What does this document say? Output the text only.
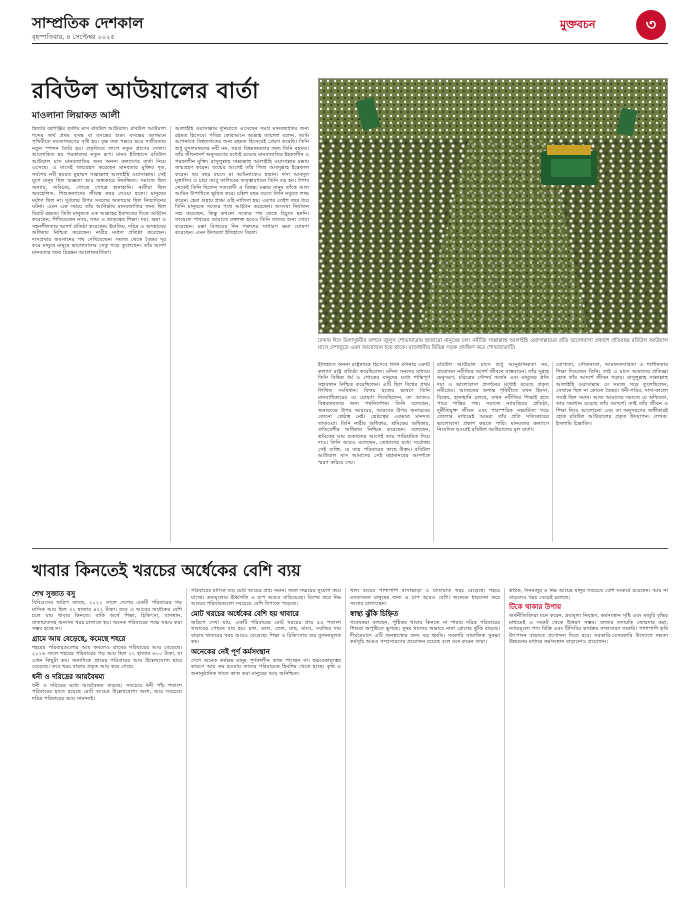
সাম্প্রতিক দেশকাল
বৃহস্পতিবার, ৪ সেপ্টেম্বর ২০২৫
মুক্তবচন	৩
রবিউল আউয়ালের বার্তা
মাওলানা লিয়াকত আলী

হিজরি বর্ষপঞ্জির তৃতীয় মাস রবিউল আউয়াল। রবিউল আউয়াল শব্দের অর্থ প্রথম বসন্ত বা বসন্তের শুরু। বসন্তের আগমনে পৃথিবীতে নবজাগরণের সৃষ্টি হয়। বৃক্ষ তরু পল্লবে ভরে সজীবতার নতুন স্পন্দন তৈরি হয়। প্রকৃতিতে লাগে নতুন প্রাণের দোলা। আলোকিত হয় পরকালের নতুন রূপ। মানব ইতিহাসে রবিউল আউয়াল মাস মানবজাতির জন্য অনন্য কল্যাণের বার্তা নিয়ে এসেছে। এ মাসেই জন্মগ্রহণ করেছেন মানবতার মুক্তির দূত, সর্বশেষ নবী হযরত মুহাম্মদ সাল্লাল্লাহু আলাইহি ওয়াসাল্লাম। সেই যুগে মানুষ ছিল অজ্ঞতা আর অন্ধকারে নিমজ্জিত। সমাজে ছিল অন্যায়, অবিচার, গোত্রে গোত্রে হানাহানি। নারীরা ছিল অবহেলিত, শিশুকন্যাদের জীবন্ত কবর দেওয়া হতো। মানুষের মর্যাদা ছিল না। দুর্বলের উপর সবলের অত্যাচার ছিল নিত্যদিনের ঘটনা। এমন এক সময়ে তাঁর আবির্ভাব মানবজাতির জন্য ছিল বিরাট রহমত। তিনি মানুষকে এক আল্লাহর ইবাদতের দিকে আহ্বান করেছেন, শিখিয়েছেন ন্যায়, সাম্য ও ভ্রাতৃত্বের শিক্ষা। দয়া, ক্ষমা ও সহনশীলতার আদর্শ প্রতিষ্ঠা করেছেন। ইয়াতিম, দরিদ্র ও অসহায়ের অধিকার নিশ্চিত করেছেন। নারীর মর্যাদা প্রতিষ্ঠা করেছেন। দাসপ্রথার অবসানের পথ দেখিয়েছেন। সমাজ থেকে বৈষম্য দূর করে মানুষে মানুষে ভালোবাসার সেতু গড়ে তুলেছেন। তাঁর আদর্শ মানবতার জন্য চিরন্তন আলোকবর্তিকা।

আলাইহি ওয়াসাল্লাম দুনিয়াতে এসেছেন সমগ্র মানবজাতির জন্য রহমত হিসেবে। পবিত্র কোরআনে আল্লাহ তায়ালা বলেন, আমি আপনাকে বিশ্বজগতের জন্য রহমত হিসেবেই প্রেরণ করেছি। তিনি শুধু মুসলমানদের নবী নন, সমগ্র বিশ্বমানবতার জন্য তিনি রহমত। তাঁর জীবনাদর্শ অনুসরণের মধ্যেই রয়েছে মানবজাতির ইহকালীন ও পরকালীন মুক্তি। রাসুলুল্লাহ সাল্লাল্লাহু আলাইহি ওয়াসাল্লাম মক্কায় জন্মগ্রহণ করেন। জন্মের আগেই তাঁর পিতা আবদুল্লাহ ইন্তেকাল করেন। ছয় বছর বয়সে মা আমিনাকেও হারান। দাদা আবদুল মুত্তালিব ও চাচা আবু তালিবের তত্ত্বাবধানে তিনি বড় হন। শৈশব থেকেই তিনি ছিলেন সত্যবাদী ও বিশ্বস্ত। মক্কার মানুষ তাঁকে আল আমিন উপাধিতে ভূষিত করে। চল্লিশ বছর বয়সে তিনি নবুয়ত লাভ করেন। হেরা গুহায় প্রথম ওহি নাজিল হয়। এরপর তেইশ বছর ধরে তিনি মানুষকে সত্যের পথে আহ্বান করেছেন। অসংখ্য নির্যাতন সহ্য করেছেন, কিন্তু কখনো সত্যের পথ থেকে বিচ্যুত হননি। তায়েফে পাথরের আঘাতে রক্তাক্ত হয়েও তিনি তাদের জন্য দোয়া করেছেন। মক্কা বিজয়ের দিন শত্রুদের সাধারণ ক্ষমা ঘোষণা করেছেন। এমন উদারতা ইতিহাসে বিরল।

ঢাকায় ঈদে মিলাদুন্নবীর জশনে জুলুস শোভাযাত্রায় হাজারো মানুষের ঢল। নবীজি সাল্লাল্লাহু আলাইহি ওয়াসাল্লামের প্রতি ভালোবাসা প্রকাশে প্রতিবছর রবিউল আউয়াল মাসে দেশজুড়ে এমন আয়োজন হয়ে থাকে। রাজধানীর বিভিন্ন সড়ক প্রদক্ষিণ করে শোভাযাত্রাটি।

ইতিহাসে অনন্য রাষ্ট্রনায়ক হিসেবে তিনি মদিনায় একটি কল্যাণ রাষ্ট্র প্রতিষ্ঠা করেছিলেন। মদিনা সনদের মাধ্যমে তিনি বিভিন্ন ধর্ম ও গোত্রের মানুষের মধ্যে শান্তিপূর্ণ সহাবস্থান নিশ্চিত করেছিলেন। এটি ছিল বিশ্বের প্রথম লিখিত সংবিধান। বিদায় হজের ভাষণে তিনি মানবাধিকারের যে ঘোষণা দিয়েছিলেন, তা আজও বিশ্বমানবতার জন্য পথনির্দেশক। তিনি বলেছেন, অনারবের উপর আরবের, আরবের উপর অনারবের কোনো শ্রেষ্ঠত্ব নেই। শ্রেষ্ঠত্বের একমাত্র মানদণ্ড তাকওয়া। তিনি নারীর অধিকার, শ্রমিকের অধিকার, প্রতিবেশীর অধিকার নিশ্চিত করেছেন। বলেছেন, শ্রমিকের ঘাম শুকানোর আগেই তার পারিশ্রমিক দিয়ে দাও। তিনি আরও বলেছেন, তোমাদের মধ্যে সর্বোত্তম সেই ব্যক্তি, যে তার পরিবারের কাছে উত্তম। রবিউল আউয়াল মাস আমাদের সেই মহামানবের আদর্শকে স্মরণ করিয়ে দেয়।

রবিউল আউয়াল মাসে শুধু আনুষ্ঠানিকতা নয়, প্রয়োজন নবীজির আদর্শ জীবনে বাস্তবায়ন। তাঁর সুন্নাহ অনুসরণ, চরিত্রের সৌন্দর্য অর্জন এবং মানুষের প্রতি দয়া ও ভালোবাসা প্রদর্শনের মধ্যেই রয়েছে প্রকৃত নবীপ্রেম। আজকের অশান্ত পৃথিবীতে যখন হিংসা, বিদ্বেষ, হানাহানি চলছে, তখন নবীজির শিক্ষাই হতে পারে শান্তির পথ। সমাজে ন্যায়বিচার প্রতিষ্ঠা, দুর্নীতিমুক্ত জীবন এবং পারস্পরিক সহমর্মিতা গড়ে তোলার মাধ্যমেই আমরা তাঁর প্রতি সত্যিকারের ভালোবাসা প্রকাশ করতে পারি। মানবতার কল্যাণে নিবেদিত হওয়াই রবিউল আউয়ালের মূল বার্তা।

যোগ্যতা, সৌজন্যতা, আমানতদারিতা ও শালীনতার শিক্ষা দিয়েছেন তিনি। তাই এ মাসে আমাদের প্রতিজ্ঞা হোক তাঁর আদর্শে জীবন গড়ার। রাসুলুল্লাহ সাল্লাল্লাহু আলাইহি ওয়াসাল্লাম যে সমাজ গড়ে তুলেছিলেন, সেখানে ছিল না কোনো বৈষম্য। ধনী-গরিব, সাদা-কালো সবাই ছিল সমান। আজ আমাদের সমাজে যে অস্থিরতা, তার সমাধান রয়েছে তাঁর আদর্শে। তাই তাঁর জীবন ও শিক্ষা নিয়ে আলোচনা এবং তা অনুসরণের অঙ্গীকারই হোক রবিউল আউয়ালের প্রকৃত উদযাপন। লেখক: ইসলামি চিন্তাবিদ।

খাবার কিনতেই খরচের অর্ধেকের বেশি ব্যয়
শেখ সুজাত বসু

বিবিএসের জরিপ বলছে, ২০২২ সালে দেশের একটি পরিবারের গড় মাসিক আয় ছিল ৩২ হাজার ৪২২ টাকা। তবে এ আয়ের অর্ধেকের বেশি চলে যায় খাবার কিনতে। বাকি অর্থে শিক্ষা, চিকিৎসা, বাসস্থান, যাতায়াতসহ অন্যান্য খরচ চালাতে হয়। অনেক পরিবারের পক্ষে সঞ্চয় করা সম্ভব হচ্ছে না।

গ্রামে আয় বেড়েছে, কমেছে শহরে

শহরের পরিবারগুলোর আয় কমলেও গ্রামের পরিবারের আয় বেড়েছে। ২০১৬ সালে শহরের পরিবারের গড় আয় ছিল ২২ হাজার ৬০০ টাকা, যা এখন কিছুটা কম। অন্যদিকে গ্রামের পরিবারের আয় উল্লেখযোগ্য হারে বেড়েছে। তবে খরচ বাড়ায় প্রকৃত আয় কমে গেছে।

ধনী ও দরিদ্রের আয়বৈষম্য

ধনী ও দরিদ্রের মধ্যে আয়বৈষম্য বাড়ছে। সবচেয়ে ধনী পাঁচ শতাংশ পরিবারের হাতে রয়েছে মোট আয়ের উল্লেখযোগ্য অংশ, আর সবচেয়ে দরিদ্র পরিবারের আয় সামান্যই।

পরিবারের মাসিক ব্যয় মোট আয়ের প্রায় সমান। ফলে সঞ্চয়ের সুযোগ কমে যাচ্ছে। দ্রব্যমূল্যের ঊর্ধ্বগতি এ চাপ আরও বাড়িয়েছে। বিশেষ করে নিম্ন আয়ের পরিবারগুলো সবচেয়ে বেশি বিপাকে পড়েছে।

মোট খরচের অর্ধেকের বেশি হয় খাবারে

জরিপে দেখা যায়, একটি পরিবারের মোট খরচের প্রায় ৫৫ শতাংশ খাবারের পেছনে ব্যয় হয়। চাল, ডাল, তেল, মাছ, মাংস, সবজির দাম বাড়ায় খাবারের খরচ আরও বেড়েছে। শিক্ষা ও চিকিৎসায় ব্যয় তুলনামূলক কম।

অনেকের নেই পূর্ণ কর্মসংস্থান

দেশে অনেক কর্মক্ষম মানুষ পূর্ণকালীন কাজ পাচ্ছেন না। ছদ্মবেকারত্বের কারণে আয় কম হওয়ায় তাদের পরিবারকে হিমশিম খেতে হচ্ছে। কৃষি ও অনানুষ্ঠানিক খাতে কাজ করা মানুষের আয় অনিশ্চিত।

খাদ্য ব্যয়ের পাশাপাশি বাসাভাড়া ও যাতায়াত খরচ বেড়েছে। শহরে বসবাসরত মানুষের জন্য এ চাপ আরও বেশি। অনেকে ধারদেনা করে সংসার চালাচ্ছেন।

স্বাস্থ্য ঝুঁকি চিহ্নিত

গবেষকরা বলছেন, পুষ্টিকর খাবার কিনতে না পারায় দরিদ্র পরিবারের শিশুরা অপুষ্টিতে ভুগছে। সুষম খাদ্যের অভাবে নানা রোগের ঝুঁকি বাড়ছে। দীর্ঘমেয়াদে এটি জনস্বাস্থ্যের জন্য বড় হুমকি। সরকারি সামাজিক সুরক্ষা কর্মসূচি আরও সম্প্রসারণের প্রয়োজন রয়েছে বলে মনে করেন তারা।

শ্রমিক, দিনমজুর ও নিম্ন আয়ের মানুষ সবচেয়ে বেশি সংকটে রয়েছেন। আয় না বাড়লেও খরচ বেড়েই চলেছে।

টিকে থাকার উপায়

অর্থনীতিবিদরা মনে করেন, দ্রব্যমূল্য নিয়ন্ত্রণ, কর্মসংস্থান সৃষ্টি এবং মজুরি বৃদ্ধির মাধ্যমেই এ সংকট থেকে উত্তরণ সম্ভব। বাজার তদারকি জোরদার করা, ন্যায্যমূল্যে পণ্য বিক্রি এবং টিসিবির কার্যক্রম সম্প্রসারণ জরুরি। পাশাপাশি কৃষি উৎপাদন বাড়াতে প্রণোদনা দিতে হবে। সরকারি-বেসরকারি উদ্যোগে দক্ষতা উন্নয়নের মাধ্যমে কর্মসংস্থান বাড়ানোও প্রয়োজন।
